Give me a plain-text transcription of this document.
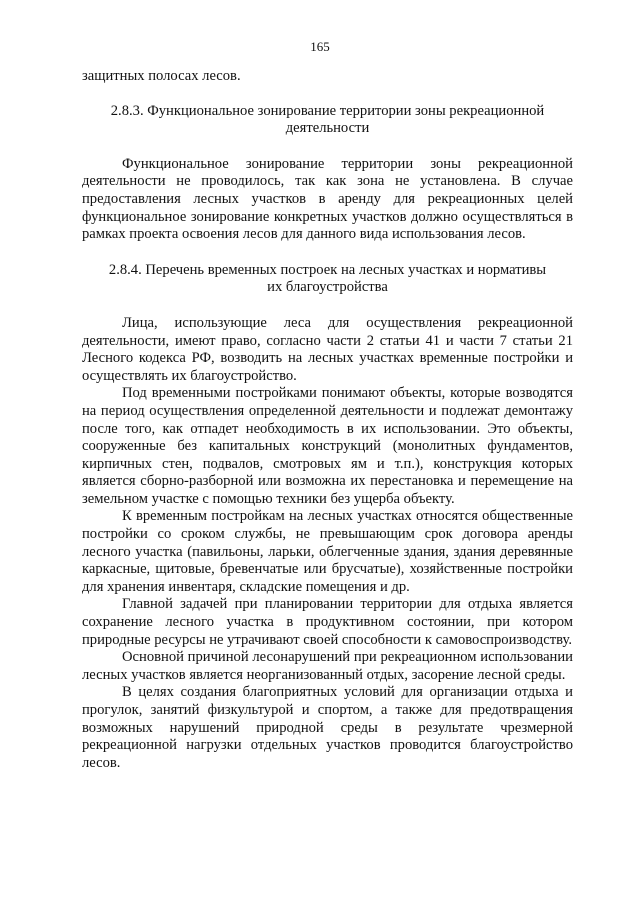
165

защитных полосах лесов.

2.8.3. Функциональное зонирование территории зоны рекреационной деятельности

Функциональное зонирование территории зоны рекреационной деятельности не проводилось, так как зона не установлена. В случае предоставления лесных участков в аренду для рекреационных целей функциональное зонирование конкретных участков должно осуществляться в рамках проекта освоения лесов для данного вида использования лесов.

2.8.4. Перечень временных построек на лесных участках и нормативы их благоустройства

Лица, использующие леса для осуществления рекреационной деятельности, имеют право, согласно части 2 статьи 41 и части 7 статьи 21 Лесного кодекса РФ, возводить на лесных участках временные постройки и осуществлять их благоустройство.

Под временными постройками понимают объекты, которые возводятся на период осуществления определенной деятельности и подлежат демонтажу после того, как отпадет необходимость в их использовании. Это объекты, сооруженные без капитальных конструкций (монолитных фундаментов, кирпичных стен, подвалов, смотровых ям и т.п.), конструкция которых является сборно-разборной или возможна их перестановка и перемещение на земельном участке с помощью техники без ущерба объекту.

К временным постройкам на лесных участках относятся общественные постройки со сроком службы, не превышающим срок договора аренды лесного участка (павильоны, ларьки, облегченные здания, здания деревянные каркасные, щитовые, бревенчатые или брусчатые), хозяйственные постройки для хранения инвентаря, складские помещения и др.

Главной задачей при планировании территории для отдыха является сохранение лесного участка в продуктивном состоянии, при котором природные ресурсы не утрачивают своей способности к самовоспроизводству.

Основной причиной лесонарушений при рекреационном использовании лесных участков является неорганизованный отдых, засорение лесной среды.

В целях создания благоприятных условий для организации отдыха и прогулок, занятий физкультурой и спортом, а также для предотвращения возможных нарушений природной среды в результате чрезмерной рекреационной нагрузки отдельных участков проводится благоустройство лесов.
